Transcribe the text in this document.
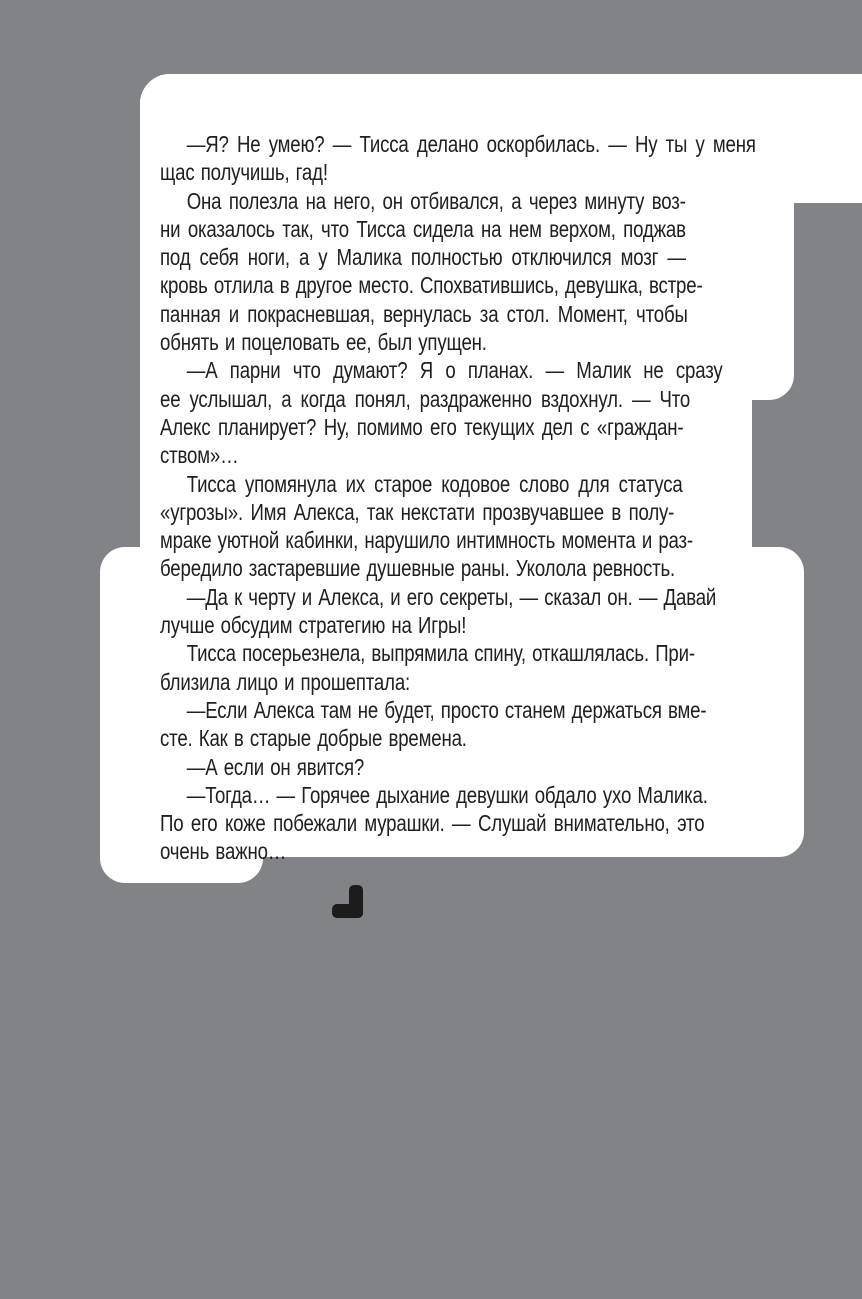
—Я? Не умею? — Тисса делано оскорбилась. — Ну ты у меня
щас получишь, гад!
Она полезла на него, он отбивался, а через минуту воз-
ни оказалось так, что Тисса сидела на нем верхом, поджав
под себя ноги, а у Малика полностью отключился мозг —
кровь отлила в другое место. Спохватившись, девушка, встре-
панная и покрасневшая, вернулась за стол. Момент, чтобы
обнять и поцеловать ее, был упущен.
—А парни что думают? Я о планах. — Малик не сразу
ее услышал, а когда понял, раздраженно вздохнул. — Что
Алекс планирует? Ну, помимо его текущих дел с «граждан-
ством»…
Тисса упомянула их старое кодовое слово для статуса
«угрозы». Имя Алекса, так некстати прозвучавшее в полу-
мраке уютной кабинки, нарушило интимность момента и раз-
бередило застаревшие душевные раны. Уколола ревность.
—Да к черту и Алекса, и его секреты, — сказал он. — Давай
лучше обсудим стратегию на Игры!
Тисса посерьезнела, выпрямила спину, откашлялась. При-
близила лицо и прошептала:
—Если Алекса там не будет, просто станем держаться вме-
сте. Как в старые добрые времена.
—А если он явится?
—Тогда… — Горячее дыхание девушки обдало ухо Малика.
По его коже побежали мурашки. — Слушай внимательно, это
очень важно…
